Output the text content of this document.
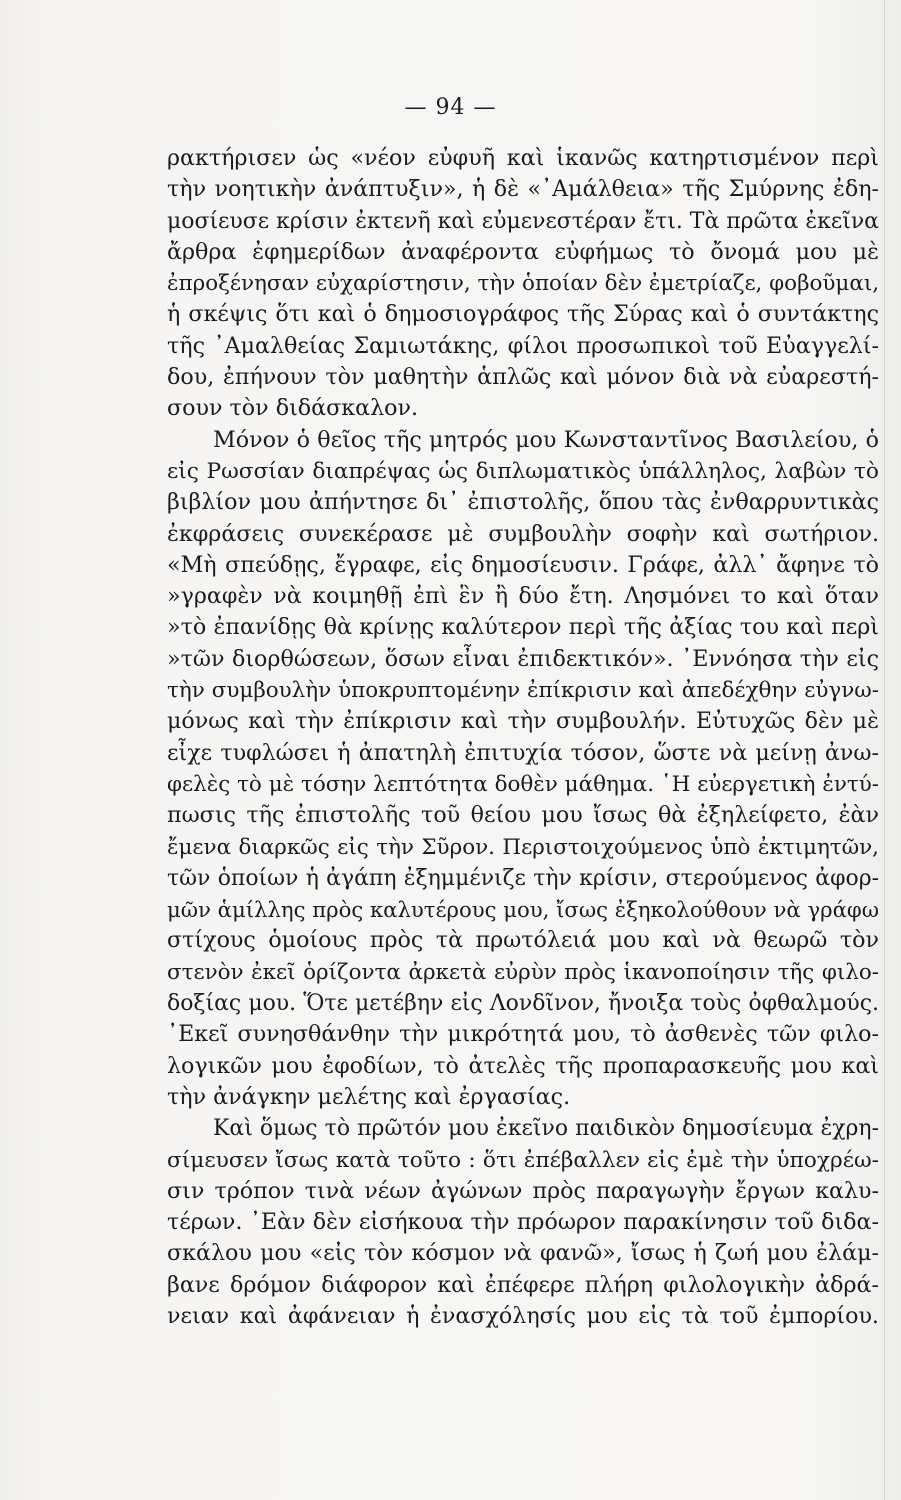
— 94 —
ρακτήρισεν ὡς «νέον εὐφυῆ καὶ ἱκανῶς κατηρτισμένον περὶ
τὴν νοητικὴν ἀνάπτυξιν», ἡ δὲ «᾿Αμάλθεια» τῆς Σμύρνης ἐδη-
μοσίευσε κρίσιν ἐκτενῆ καὶ εὐμενεστέραν ἔτι. Τὰ πρῶτα ἐκεῖνα
ἄρθρα ἐφημερίδων ἀναφέροντα εὐφήμως τὸ ὄνομά μου μὲ
ἐπροξένησαν εὐχαρίστησιν, τὴν ὁποίαν δὲν ἐμετρίαζε, φοβοῦμαι,
ἡ σκέψις ὅτι καὶ ὁ δημοσιογράφος τῆς Σύρας καὶ ὁ συντάκτης
τῆς ᾿Αμαλθείας Σαμιωτάκης, φίλοι προσωπικοὶ τοῦ Εὐαγγελί-
δου, ἐπήνουν τὸν μαθητὴν ἁπλῶς καὶ μόνον διὰ νὰ εὐαρεστή-
σουν τὸν διδάσκαλον.
Μόνον ὁ θεῖος τῆς μητρός μου Κωνσταντῖνος Βασιλείου, ὁ
εἰς Ρωσσίαν διαπρέψας ὡς διπλωματικὸς ὑπάλληλος, λαβὼν τὸ
βιβλίον μου ἀπήντησε δι᾿ ἐπιστολῆς, ὅπου τὰς ἐνθαρρυντικὰς
ἐκφράσεις συνεκέρασε μὲ συμβουλὴν σοφὴν καὶ σωτήριον.
«Μὴ σπεύδῃς, ἔγραφε, εἰς δημοσίευσιν. Γράφε, ἀλλ᾿ ἄφηνε τὸ
»γραφὲν νὰ κοιμηθῇ ἐπὶ ἓν ἢ δύο ἔτη. Λησμόνει το καὶ ὅταν
»τὸ ἐπανίδῃς θὰ κρίνῃς καλύτερον περὶ τῆς ἀξίας του καὶ περὶ
»τῶν διορθώσεων, ὅσων εἶναι ἐπιδεκτικόν». ᾿Εννόησα τὴν εἰς
τὴν συμβουλὴν ὑποκρυπτομένην ἐπίκρισιν καὶ ἀπεδέχθην εὐγνω-
μόνως καὶ τὴν ἐπίκρισιν καὶ τὴν συμβουλήν. Εὐτυχῶς δὲν μὲ
εἶχε τυφλώσει ἡ ἀπατηλὴ ἐπιτυχία τόσον, ὥστε νὰ μείνῃ ἀνω-
φελὲς τὸ μὲ τόσην λεπτότητα δοθὲν μάθημα. ῾Η εὐεργετικὴ ἐντύ-
πωσις τῆς ἐπιστολῆς τοῦ θείου μου ἴσως θὰ ἐξηλείφετο, ἐὰν
ἔμενα διαρκῶς εἰς τὴν Σῦρον. Περιστοιχούμενος ὑπὸ ἐκτιμητῶν,
τῶν ὁποίων ἡ ἀγάπη ἐξημμένιζε τὴν κρίσιν, στερούμενος ἀφορ-
μῶν ἁμίλλης πρὸς καλυτέρους μου, ἴσως ἐξηκολούθουν νὰ γράφω
στίχους ὁμοίους πρὸς τὰ πρωτόλειά μου καὶ νὰ θεωρῶ τὸν
στενὸν ἐκεῖ ὁρίζοντα ἀρκετὰ εὐρὺν πρὸς ἱκανοποίησιν τῆς φιλο-
δοξίας μου. Ὅτε μετέβην εἰς Λονδῖνον, ἤνοιξα τοὺς ὀφθαλμούς.
᾿Εκεῖ συνησθάνθην τὴν μικρότητά μου, τὸ ἀσθενὲς τῶν φιλο-
λογικῶν μου ἐφοδίων, τὸ ἀτελὲς τῆς προπαρασκευῆς μου καὶ
τὴν ἀνάγκην μελέτης καὶ ἐργασίας.
Καὶ ὅμως τὸ πρῶτόν μου ἐκεῖνο παιδικὸν δημοσίευμα ἐχρη-
σίμευσεν ἴσως κατὰ τοῦτο : ὅτι ἐπέβαλλεν εἰς ἐμὲ τὴν ὑποχρέω-
σιν τρόπον τινὰ νέων ἀγώνων πρὸς παραγωγὴν ἔργων καλυ-
τέρων. ᾿Εὰν δὲν εἰσήκουα τὴν πρόωρον παρακίνησιν τοῦ διδα-
σκάλου μου «εἰς τὸν κόσμον νὰ φανῶ», ἴσως ἡ ζωή μου ἐλάμ-
βανε δρόμον διάφορον καὶ ἐπέφερε πλήρη φιλολογικὴν ἀδρά-
νειαν καὶ ἀφάνειαν ἡ ἐνασχόλησίς μου εἰς τὰ τοῦ ἐμπορίου.
